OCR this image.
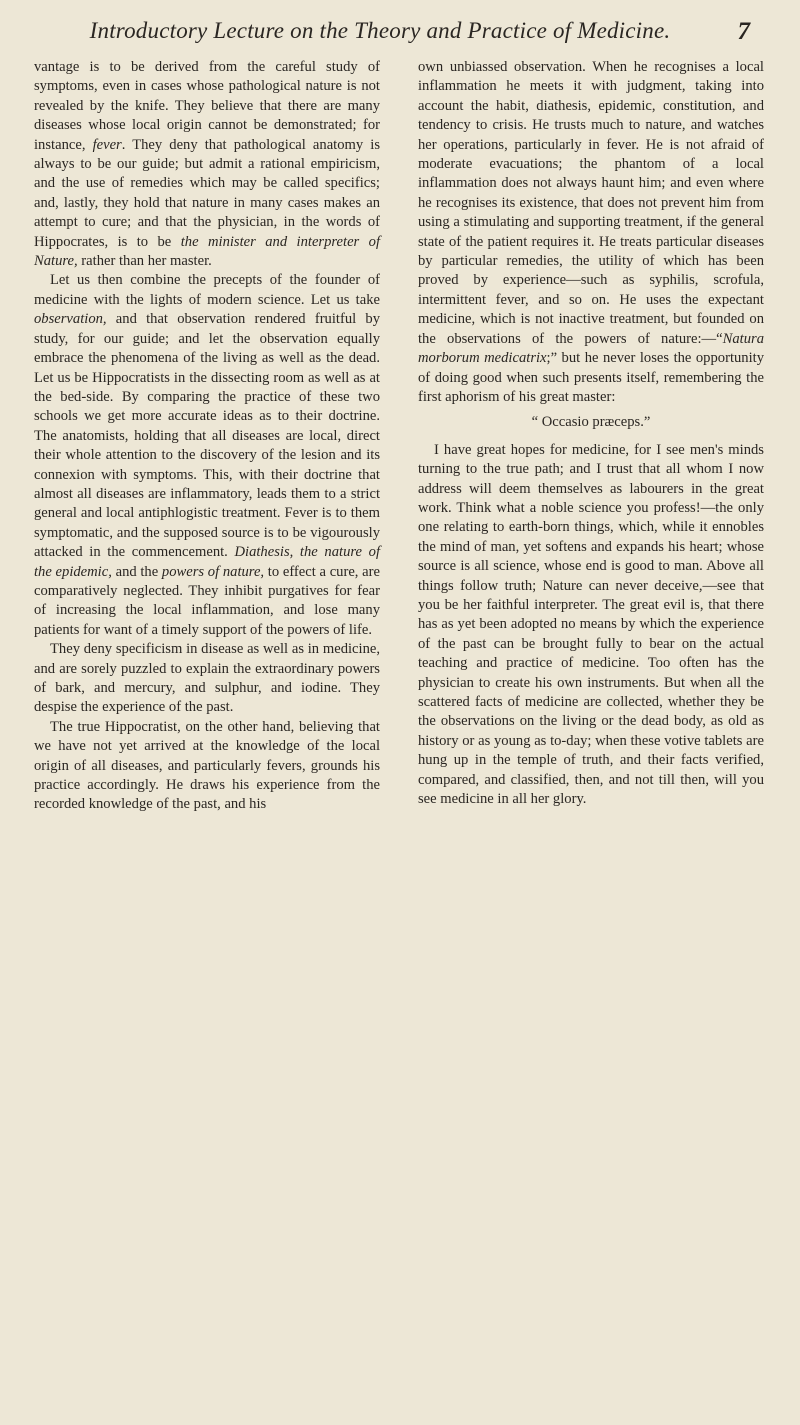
Introductory Lecture on the Theory and Practice of Medicine.	7

vantage is to be derived from the careful study of symptoms, even in cases whose pathological nature is not revealed by the knife. They believe that there are many diseases whose local origin cannot be demonstrated; for instance, fever. They deny that pathological anatomy is always to be our guide; but admit a rational empiricism, and the use of remedies which may be called specifics; and, lastly, they hold that nature in many cases makes an attempt to cure; and that the physician, in the words of Hippocrates, is to be the minister and interpreter of Nature, rather than her master.

Let us then combine the precepts of the founder of medicine with the lights of modern science. Let us take observation, and that observation rendered fruitful by study, for our guide; and let the observation equally embrace the phenomena of the living as well as the dead. Let us be Hippocratists in the dissecting room as well as at the bed-side. By comparing the practice of these two schools we get more accurate ideas as to their doctrine. The anatomists, holding that all diseases are local, direct their whole attention to the discovery of the lesion and its connexion with symptoms. This, with their doctrine that almost all diseases are inflammatory, leads them to a strict general and local antiphlogistic treatment. Fever is to them symptomatic, and the supposed source is to be vigourously attacked in the commencement. Diathesis, the nature of the epidemic, and the powers of nature, to effect a cure, are comparatively neglected. They inhibit purgatives for fear of increasing the local inflammation, and lose many patients for want of a timely support of the powers of life.

They deny specificism in disease as well as in medicine, and are sorely puzzled to explain the extraordinary powers of bark, and mercury, and sulphur, and iodine. They despise the experience of the past.

The true Hippocratist, on the other hand, believing that we have not yet arrived at the knowledge of the local origin of all diseases, and particularly fevers, grounds his practice accordingly. He draws his experience from the recorded knowledge of the past, and his

own unbiassed observation. When he recognises a local inflammation he meets it with judgment, taking into account the habit, diathesis, epidemic, constitution, and tendency to crisis. He trusts much to nature, and watches her operations, particularly in fever. He is not afraid of moderate evacuations; the phantom of a local inflammation does not always haunt him; and even where he recognises its existence, that does not prevent him from using a stimulating and supporting treatment, if the general state of the patient requires it. He treats particular diseases by particular remedies, the utility of which has been proved by experience—such as syphilis, scrofula, intermittent fever, and so on. He uses the expectant medicine, which is not inactive treatment, but founded on the observations of the powers of nature:—“Natura morborum medicatrix;” but he never loses the opportunity of doing good when such presents itself, remembering the first aphorism of his great master:

“ Occasio præceps.”

I have great hopes for medicine, for I see men's minds turning to the true path; and I trust that all whom I now address will deem themselves as labourers in the great work. Think what a noble science you profess!—the only one relating to earth-born things, which, while it ennobles the mind of man, yet softens and expands his heart; whose source is all science, whose end is good to man. Above all things follow truth; Nature can never deceive,—see that you be her faithful interpreter. The great evil is, that there has as yet been adopted no means by which the experience of the past can be brought fully to bear on the actual teaching and practice of medicine. Too often has the physician to create his own instruments. But when all the scattered facts of medicine are collected, whether they be the observations on the living or the dead body, as old as history or as young as to-day; when these votive tablets are hung up in the temple of truth, and their facts verified, compared, and classified, then, and not till then, will you see medicine in all her glory.
